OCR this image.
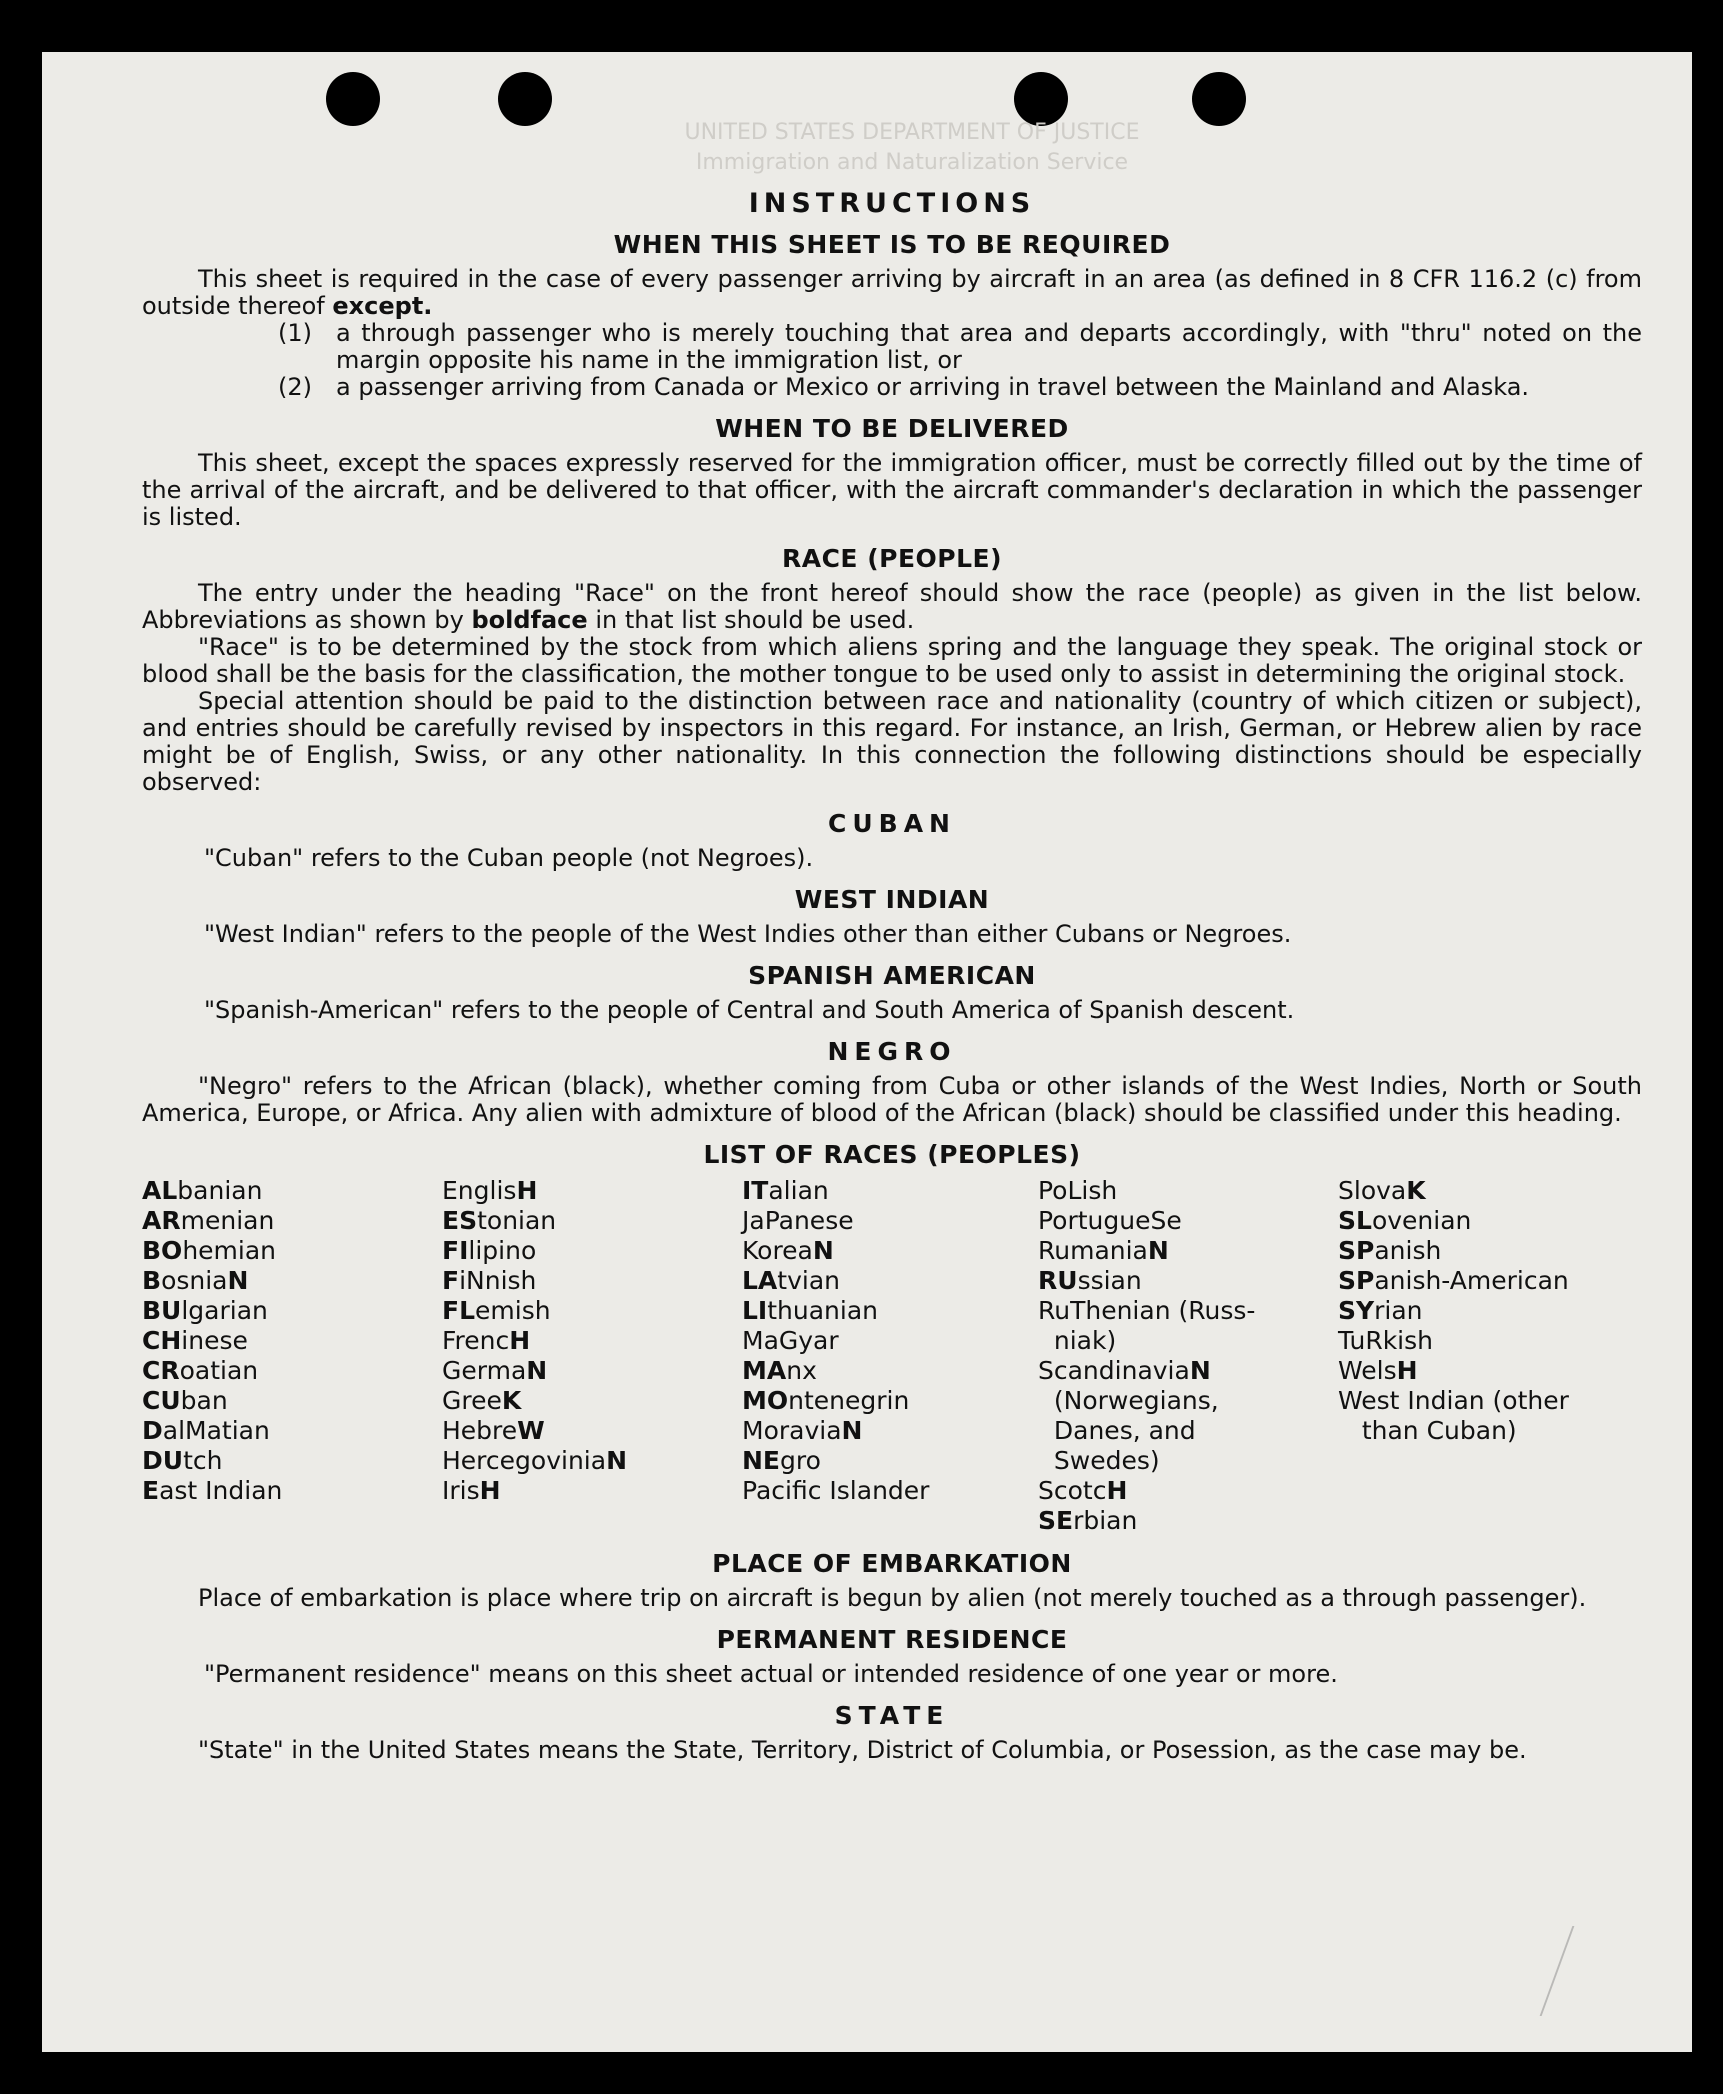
UNITED STATES DEPARTMENT OF JUSTICE
Immigration and Naturalization Service
INSTRUCTIONS
WHEN THIS SHEET IS TO BE REQUIRED

This sheet is required in the case of every passenger arriving by aircraft in an area (as defined in 8 CFR 116.2 (c) from outside thereof except.

(1)	a through passenger who is merely touching that area and departs accordingly, with "thru" noted on the margin opposite his name in the immigration list, or
(2)	a passenger arriving from Canada or Mexico or arriving in travel between the Mainland and Alaska.
WHEN TO BE DELIVERED

This sheet, except the spaces expressly reserved for the immigration officer, must be correctly filled out by the time of the arrival of the aircraft, and be delivered to that officer, with the aircraft commander's declaration in which the passenger is listed.

RACE (PEOPLE)

The entry under the heading "Race" on the front hereof should show the race (people) as given in the list below. Abbreviations as shown by boldface in that list should be used.

"Race" is to be determined by the stock from which aliens spring and the language they speak. The original stock or blood shall be the basis for the classification, the mother tongue to be used only to assist in determining the original stock.

Special attention should be paid to the distinction between race and nationality (country of which citizen or subject), and entries should be carefully revised by inspectors in this regard. For instance, an Irish, German, or Hebrew alien by race might be of English, Swiss, or any other nationality. In this connection the following distinctions should be especially observed:

CUBAN

"Cuban" refers to the Cuban people (not Negroes).

WEST INDIAN

"West Indian" refers to the people of the West Indies other than either Cubans or Negroes.

SPANISH AMERICAN

"Spanish-American" refers to the people of Central and South America of Spanish descent.

NEGRO

"Negro" refers to the African (black), whether coming from Cuba or other islands of the West Indies, North or South America, Europe, or Africa. Any alien with admixture of blood of the African (black) should be classified under this heading.

LIST OF RACES (PEOPLES)
ALbanian
ARmenian
BOhemian
BosniaN
BUlgarian
CHinese
CRoatian
CUban
DalMatian
DUtch
East Indian
EnglisH
EStonian
FIlipino
FiNnish
FLemish
FrencH
GermaN
GreeK
HebreW
HercegoviniaN
IrisH
ITalian
JaPanese
KoreaN
LAtvian
LIthuanian
MaGyar
MAnx
MOntenegrin
MoraviaN
NEgro
Pacific Islander
PoLish
PortugueSe
RumaniaN
RUssian
RuThenian (Russ-
niak)
ScandinaviaN
(Norwegians,
Danes, and
Swedes)
ScotcH
SErbian
SlovaK
SLovenian
SPanish
SPanish-American
SYrian
TuRkish
WelsH
West Indian (other
than Cuban)
PLACE OF EMBARKATION

Place of embarkation is place where trip on aircraft is begun by alien (not merely touched as a through passenger).

PERMANENT RESIDENCE

"Permanent residence" means on this sheet actual or intended residence of one year or more.

STATE

"State" in the United States means the State, Territory, District of Columbia, or Posession, as the case may be.
